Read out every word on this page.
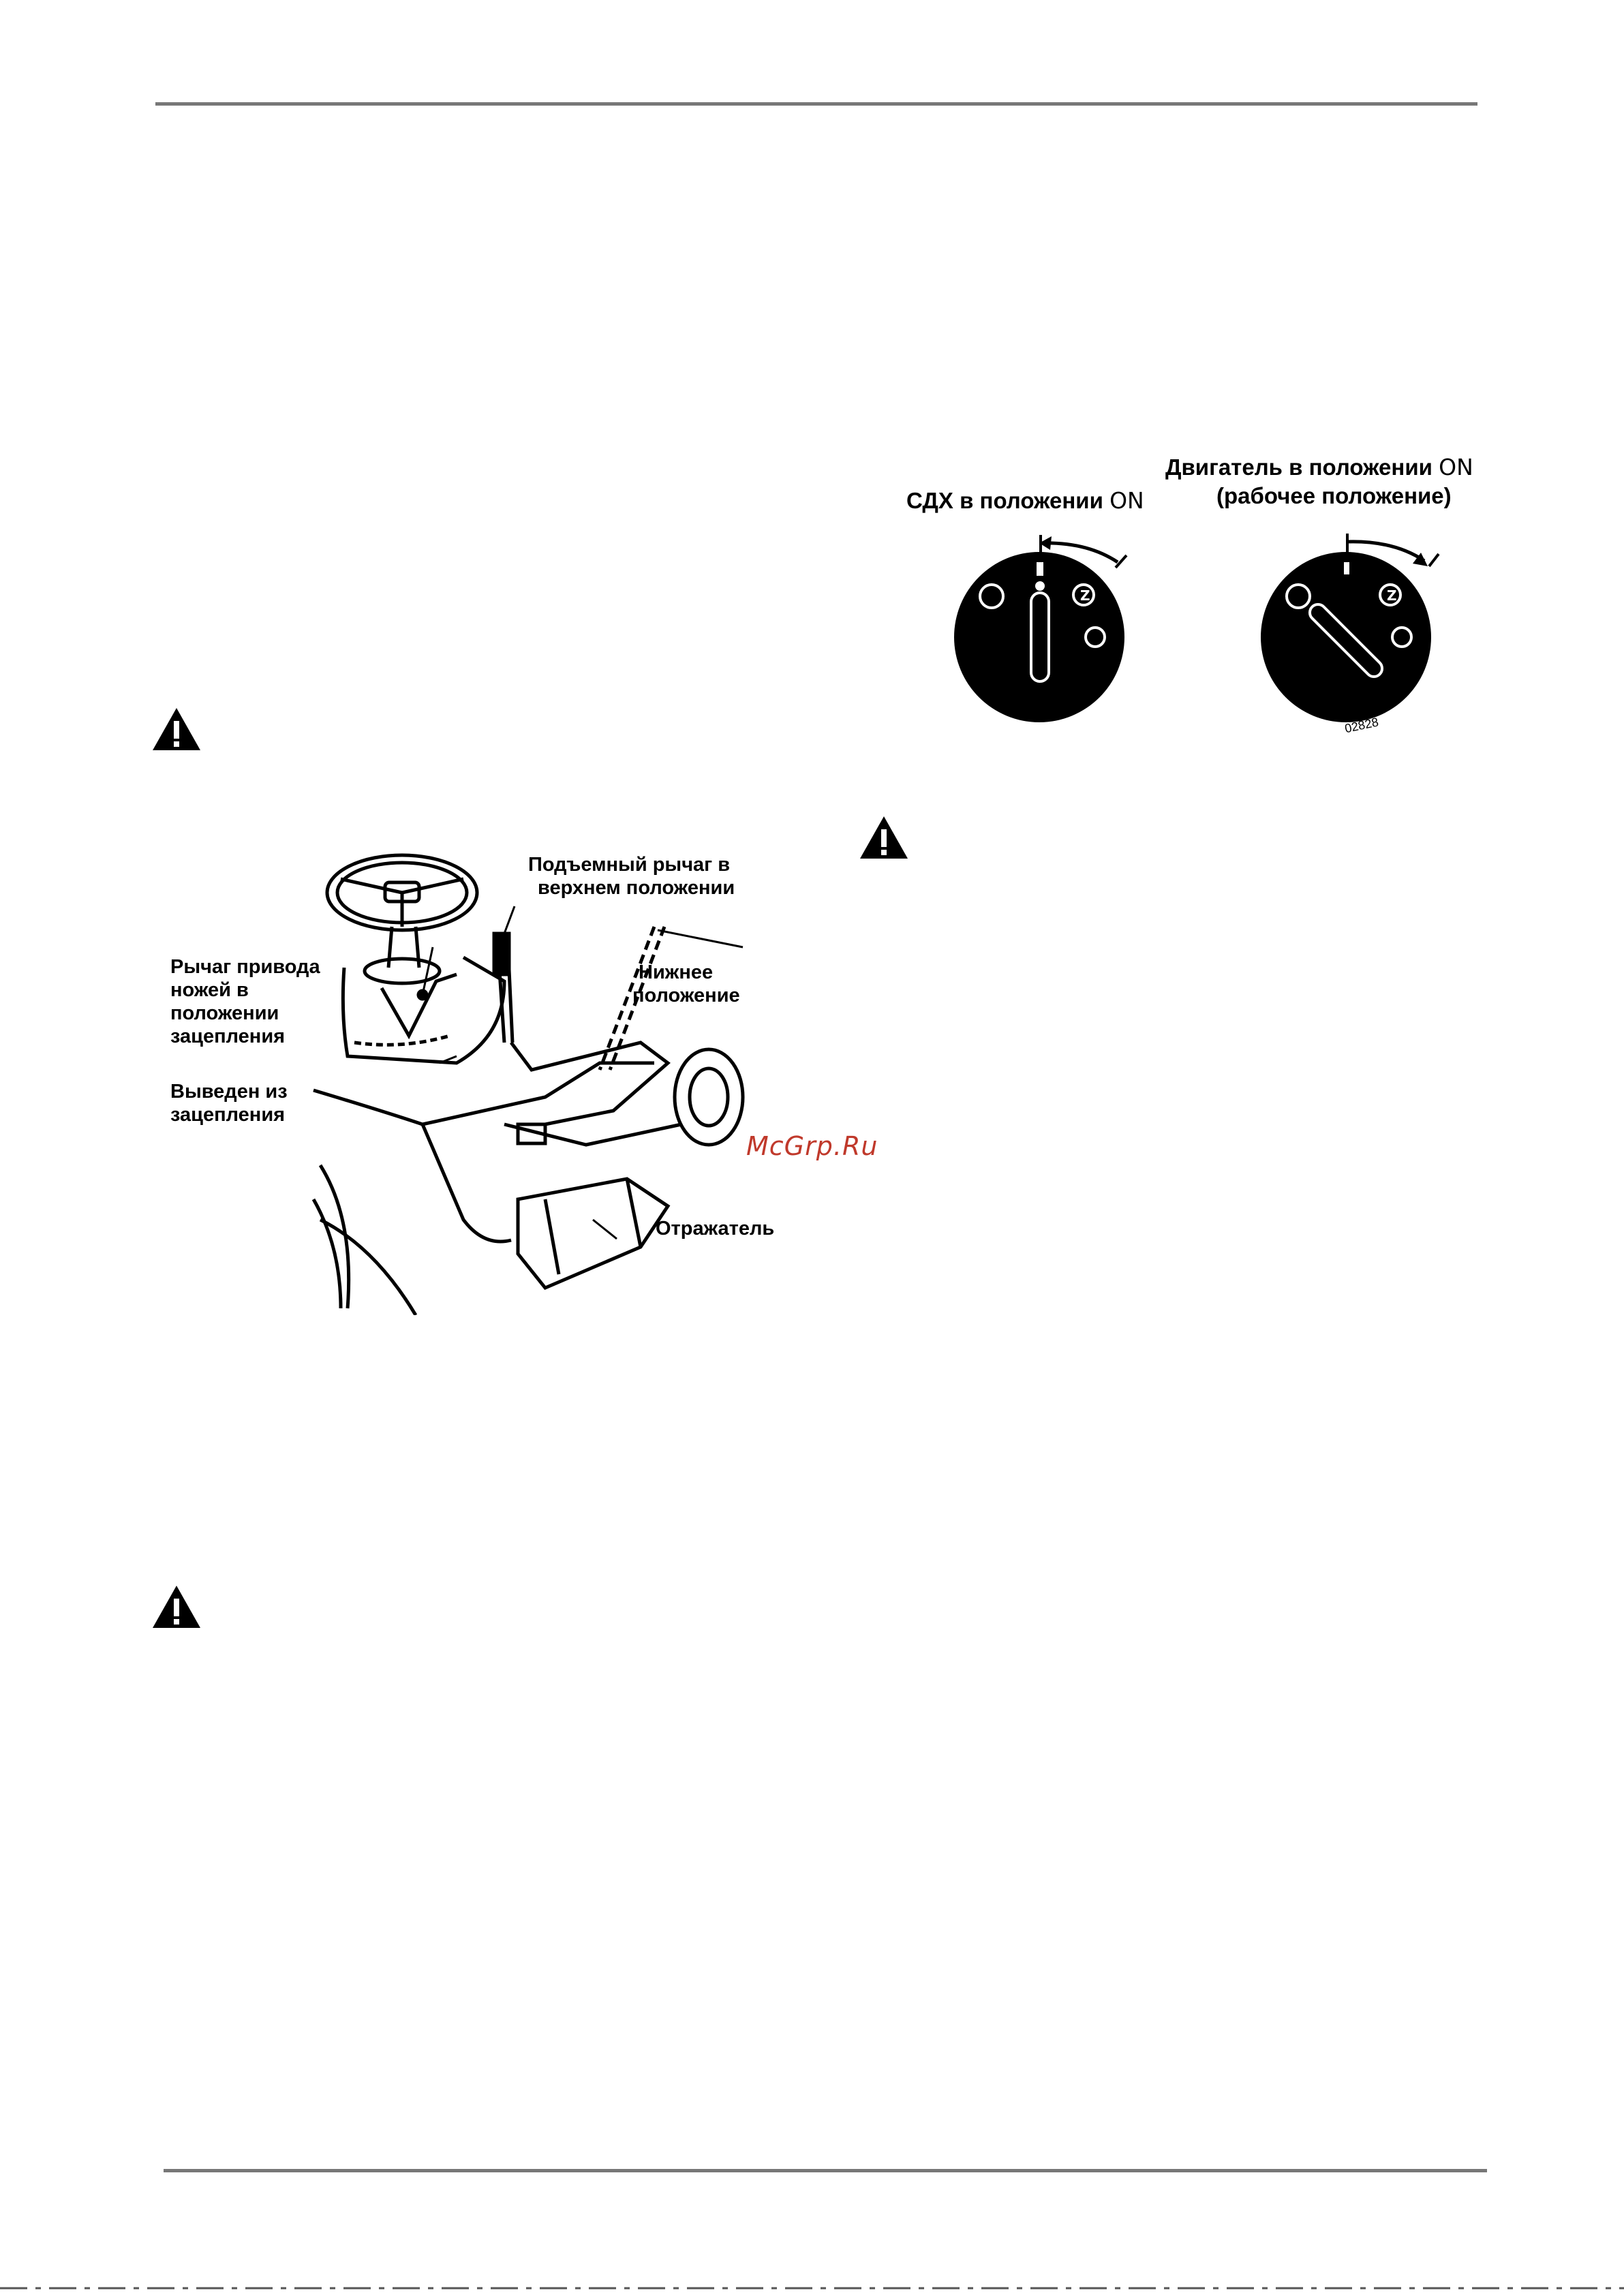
СДХ в положении ON
Двигатель в положении ON
(рабочее положение)
Z	Z
02828
Подъемный рычаг в
верхнем положении
Нижнее
положение
Рычаг привода
ножей в
положении
зацепления
Выведен из
зацепления
Отражатель
McGrp.Ru
